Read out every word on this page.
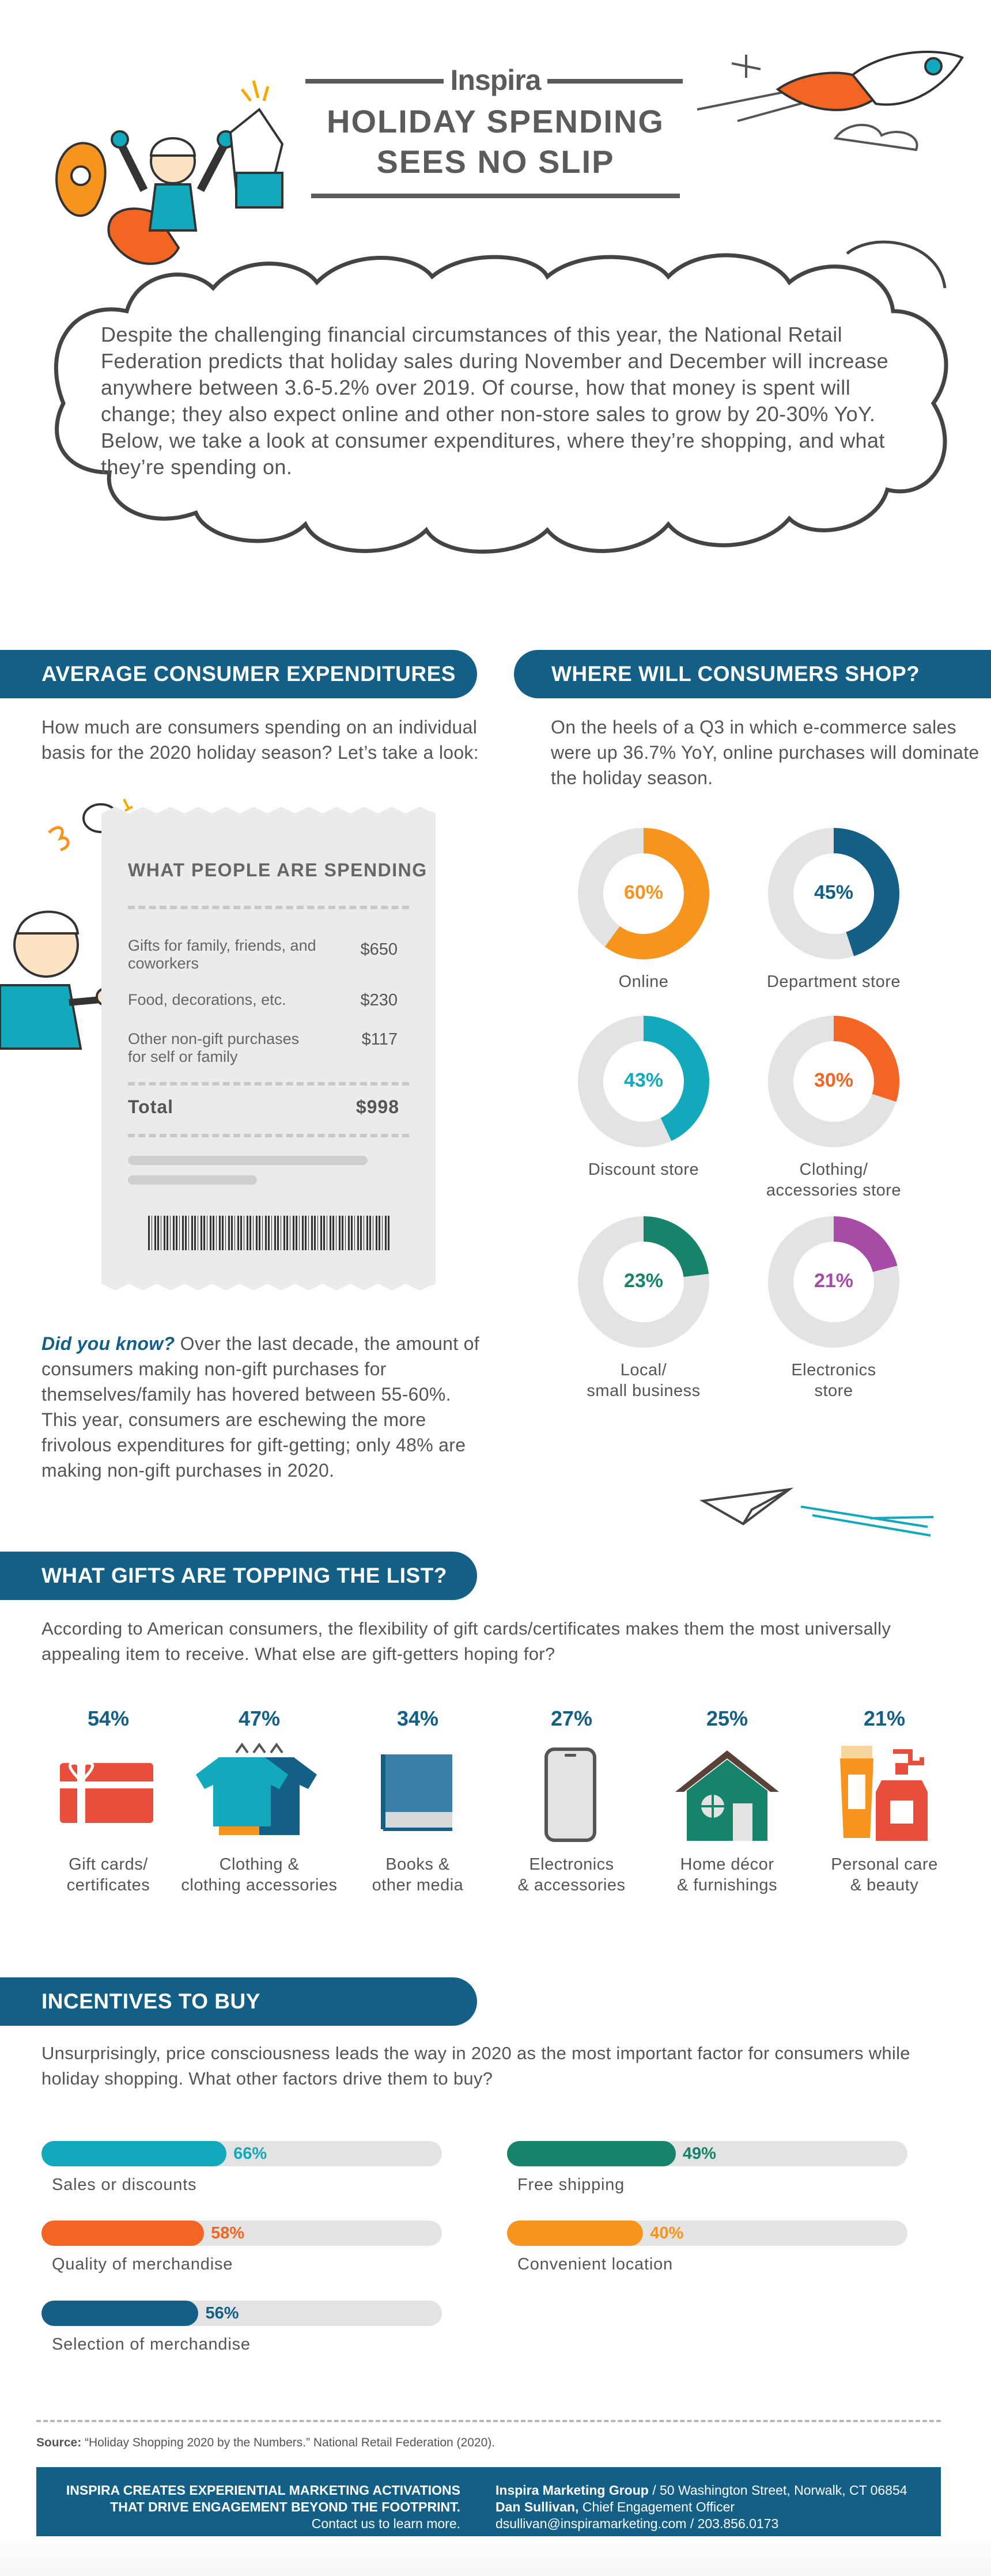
Inspira
HOLIDAY SPENDING
SEES NO SLIP
Despite the challenging financial circumstances of this year, the National Retail Federation predicts that holiday sales during November and December will increase anywhere between 3.6-5.2% over 2019. Of course, how that money is spent will change; they also expect online and other non-store sales to grow by 20-30% YoY. Below, we take a look at consumer expenditures, where they’re shopping, and what they’re spending on.
AVERAGE CONSUMER EXPENDITURES
How much are consumers spending on an individual basis for the 2020 holiday season? Let’s take a look:
WHAT PEOPLE ARE SPENDING
Gifts for family, friends, and coworkers
$650
Food, decorations, etc.	$230
Other non-gift purchases for self or family
$117
Total	$998
Did you know? Over the last decade, the amount of consumers making non-gift purchases for themselves/family has hovered between 55-60%. This year, consumers are eschewing the more frivolous expenditures for gift-getting; only 48% are making non-gift purchases in 2020.
WHERE WILL CONSUMERS SHOP?
On the heels of a Q3 in which e-commerce sales were up 36.7% YoY, online purchases will dominate the holiday season.
60%
Online
45%
Department store
43%
Discount store
30%
Clothing/
accessories store
23%
Local/
small business
21%
Electronics
store
WHAT GIFTS ARE TOPPING THE LIST?
According to American consumers, the flexibility of gift cards/certificates makes them the most universally appealing item to receive. What else are gift-getters hoping for?
54%	47%	34%	27%	25%	21%
Gift cards/
certificates
Clothing &
clothing accessories
Books &
other media
Electronics
& accessories
Home décor
& furnishings
Personal care
& beauty
INCENTIVES TO BUY
Unsurprisingly, price consciousness leads the way in 2020 as the most important factor for consumers while holiday shopping. What other factors drive them to buy?
66%
Sales or discounts
49%
Free shipping
58%
Quality of merchandise
40%
Convenient location
56%
Selection of merchandise
Source: “Holiday Shopping 2020 by the Numbers.” National Retail Federation (2020).
INSPIRA CREATES EXPERIENTIAL MARKETING ACTIVATIONS
THAT DRIVE ENGAGEMENT BEYOND THE FOOTPRINT.
Contact us to learn more.
Inspira Marketing Group / 50 Washington Street, Norwalk, CT 06854
Dan Sullivan, Chief Engagement Officer
dsullivan@inspiramarketing.com / 203.856.0173
